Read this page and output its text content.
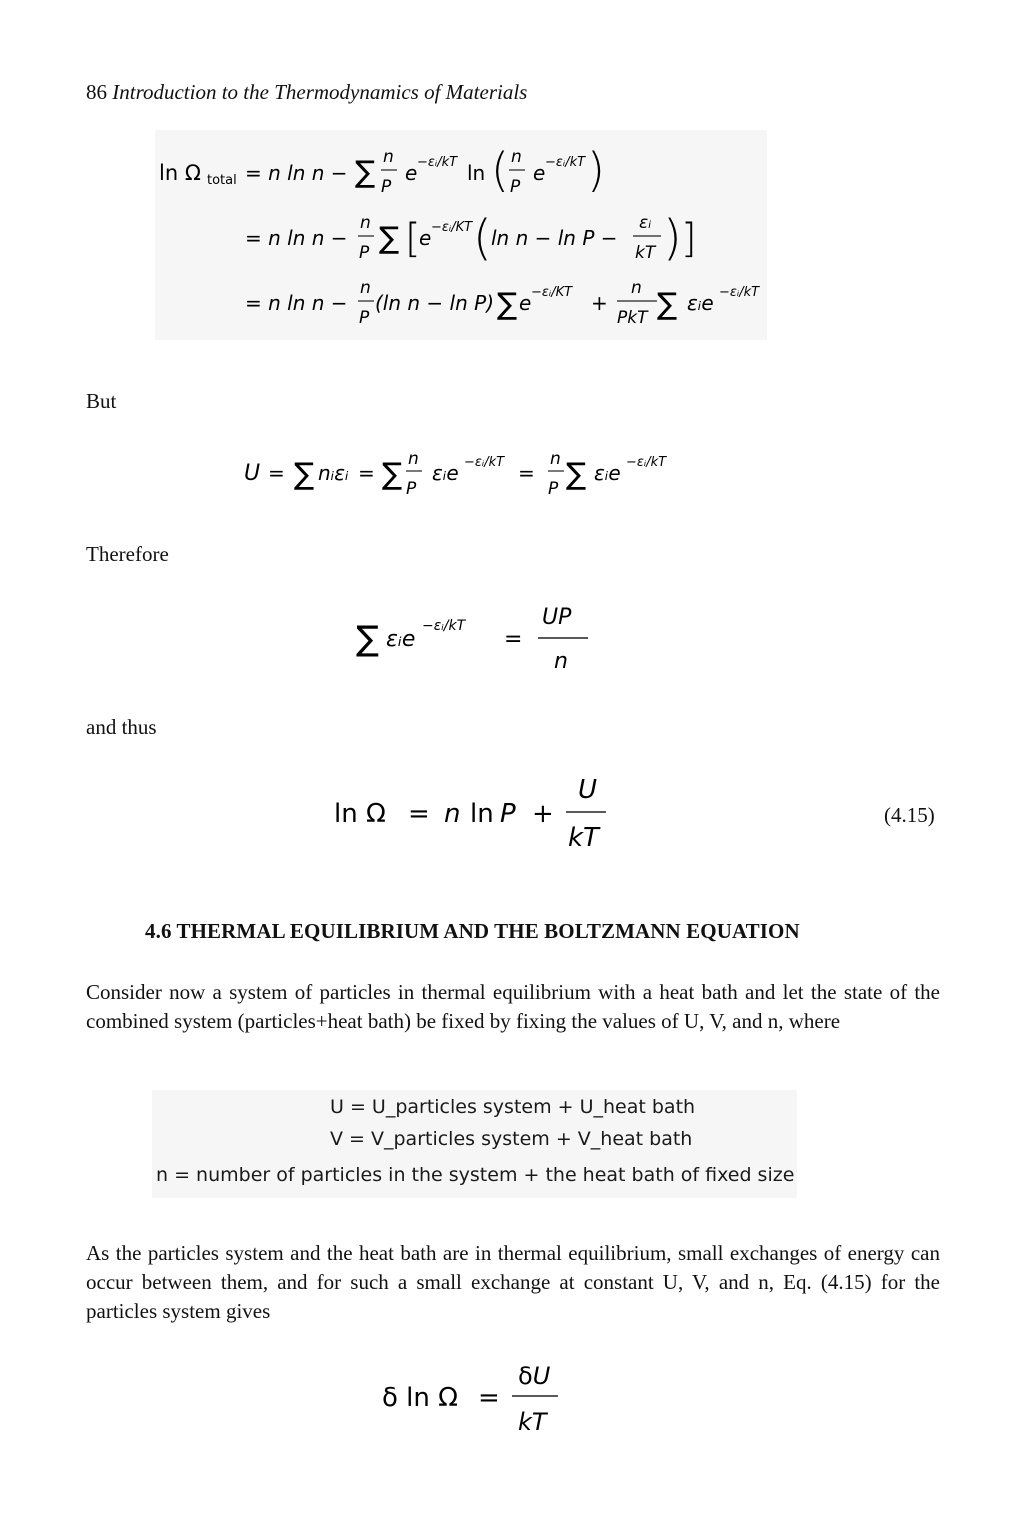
86 Introduction to the Thermodynamics of Materials
ln Ω total = n ln n − ∑ n
P
e −εᵢ/kT ln ( n
P
e −εᵢ/kT )
= n ln n −
n
P ∑ [
e −εᵢ/KT ( ln n − ln P −
εᵢ
kT ) ]
= n ln n −
n
P
(ln n − ln P) ∑ e −εᵢ/KT +
n
PkT ∑ εᵢe −εᵢ/kT
But
U = ∑ nᵢεᵢ = ∑ n
P
εᵢe −εᵢ/kT =
n
P ∑ εᵢe −εᵢ/kT
Therefore
∑ εᵢe
−εᵢ/kT
=
UP
n
and thus
ln Ω = n ln P +
U
kT
(4.15)
4.6 THERMAL EQUILIBRIUM AND THE BOLTZMANN EQUATION
Consider now a system of particles in thermal equilibrium with a heat bath and let the state of the combined system (particles+heat bath) be fixed by fixing the values of U, V, and n, where
U = U_particles system + U_heat bath
V = V_particles system + V_heat bath
n = number of particles in the system + the heat bath of fixed size
As the particles system and the heat bath are in thermal equilibrium, small exchanges of energy can occur between them, and for such a small exchange at constant U, V, and n, Eq. (4.15) for the particles system gives
δ ln Ω =
δU
kT
